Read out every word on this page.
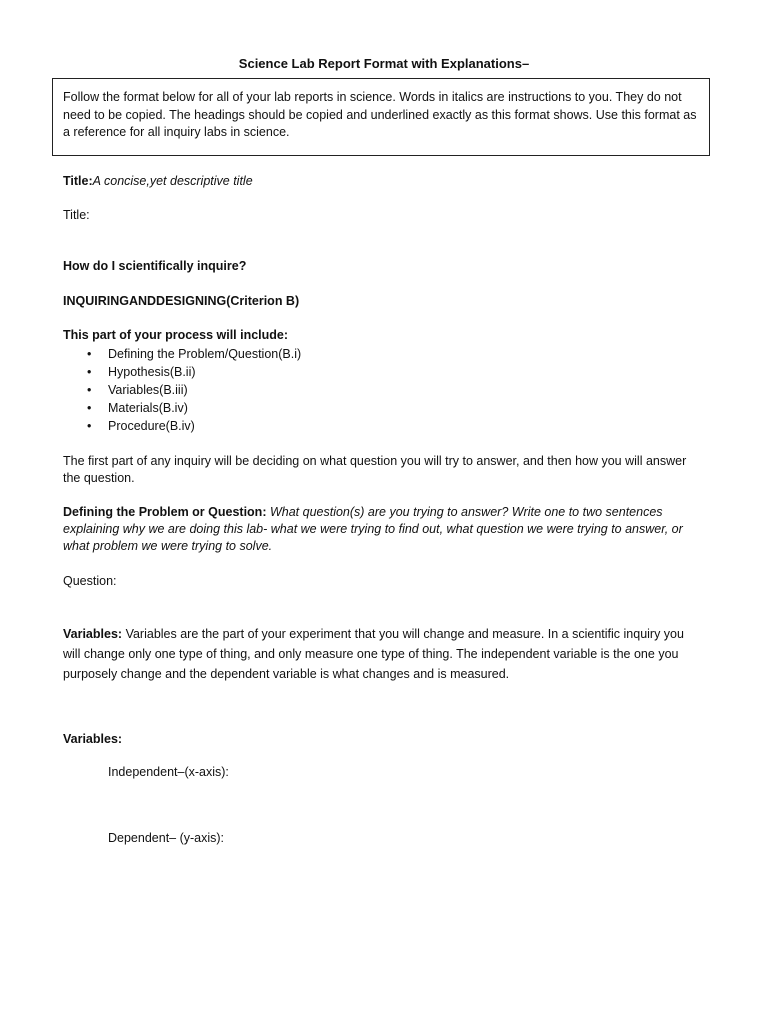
Science Lab Report Format with Explanations–

Follow the format below for all of your lab reports in science. Words in italics are instructions to you. They do not need to be copied. The headings should be copied and underlined exactly as this format shows. Use this format as a reference for all inquiry labs in science.

Title:A concise,yet descriptive title
Title:
How do I scientifically inquire?
INQUIRINGANDDESIGNING(Criterion B)
This part of your process will include:
• Defining the Problem/Question(B.i)
• Hypothesis(B.ii)
• Variables(B.iii)
• Materials(B.iv)
• Procedure(B.iv)
The first part of any inquiry will be deciding on what question you will try to answer, and then how you will answer the question.
Defining the Problem or Question: What question(s) are you trying to answer? Write one to two sentences explaining why we are doing this lab- what we were trying to find out, what question we were trying to answer, or what problem we were trying to solve.
Question:
Variables: Variables are the part of your experiment that you will change and measure. In a scientific inquiry you will change only one type of thing, and only measure one type of thing. The independent variable is the one you purposely change and the dependent variable is what changes and is measured.
Variables:
Independent–(x-axis):
Dependent– (y-axis):
